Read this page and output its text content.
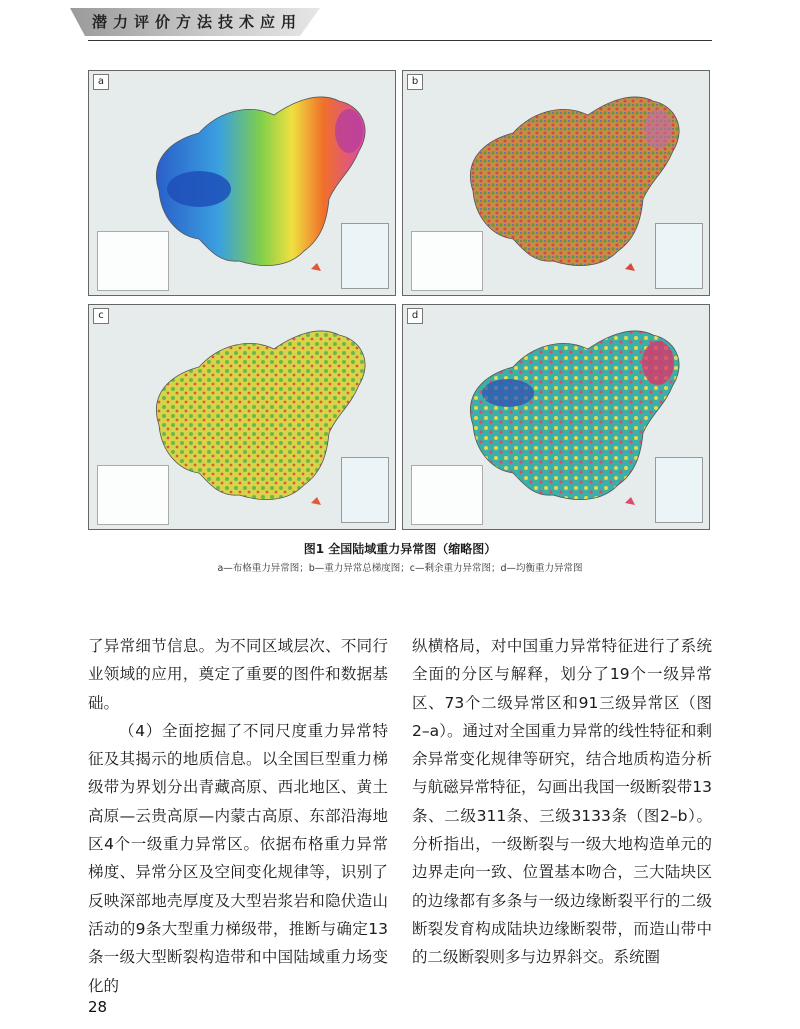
潜力评价方法技术应用
a	b
c	d
图1 全国陆域重力异常图（缩略图）
a—布格重力异常图；b—重力异常总梯度图；c—剩余重力异常图；d—均衡重力异常图

了异常细节信息。为不同区域层次、不同行业领域的应用，奠定了重要的图件和数据基础。

（4）全面挖掘了不同尺度重力异常特征及其揭示的地质信息。以全国巨型重力梯级带为界划分出青藏高原、西北地区、黄土高原—云贵高原—内蒙古高原、东部沿海地区4个一级重力异常区。依据布格重力异常梯度、异常分区及空间变化规律等，识别了反映深部地壳厚度及大型岩浆岩和隐伏造山活动的9条大型重力梯级带，推断与确定13条一级大型断裂构造带和中国陆域重力场变化的

纵横格局，对中国重力异常特征进行了系统全面的分区与解释，划分了19个一级异常区、73个二级异常区和91三级异常区（图2–a）。通过对全国重力异常的线性特征和剩余异常变化规律等研究，结合地质构造分析与航磁异常特征，勾画出我国一级断裂带13条、二级311条、三级3133条（图2–b）。分析指出，一级断裂与一级大地构造单元的边界走向一致、位置基本吻合，三大陆块区的边缘都有多条与一级边缘断裂平行的二级断裂发育构成陆块边缘断裂带，而造山带中的二级断裂则多与边界斜交。系统圈

28
